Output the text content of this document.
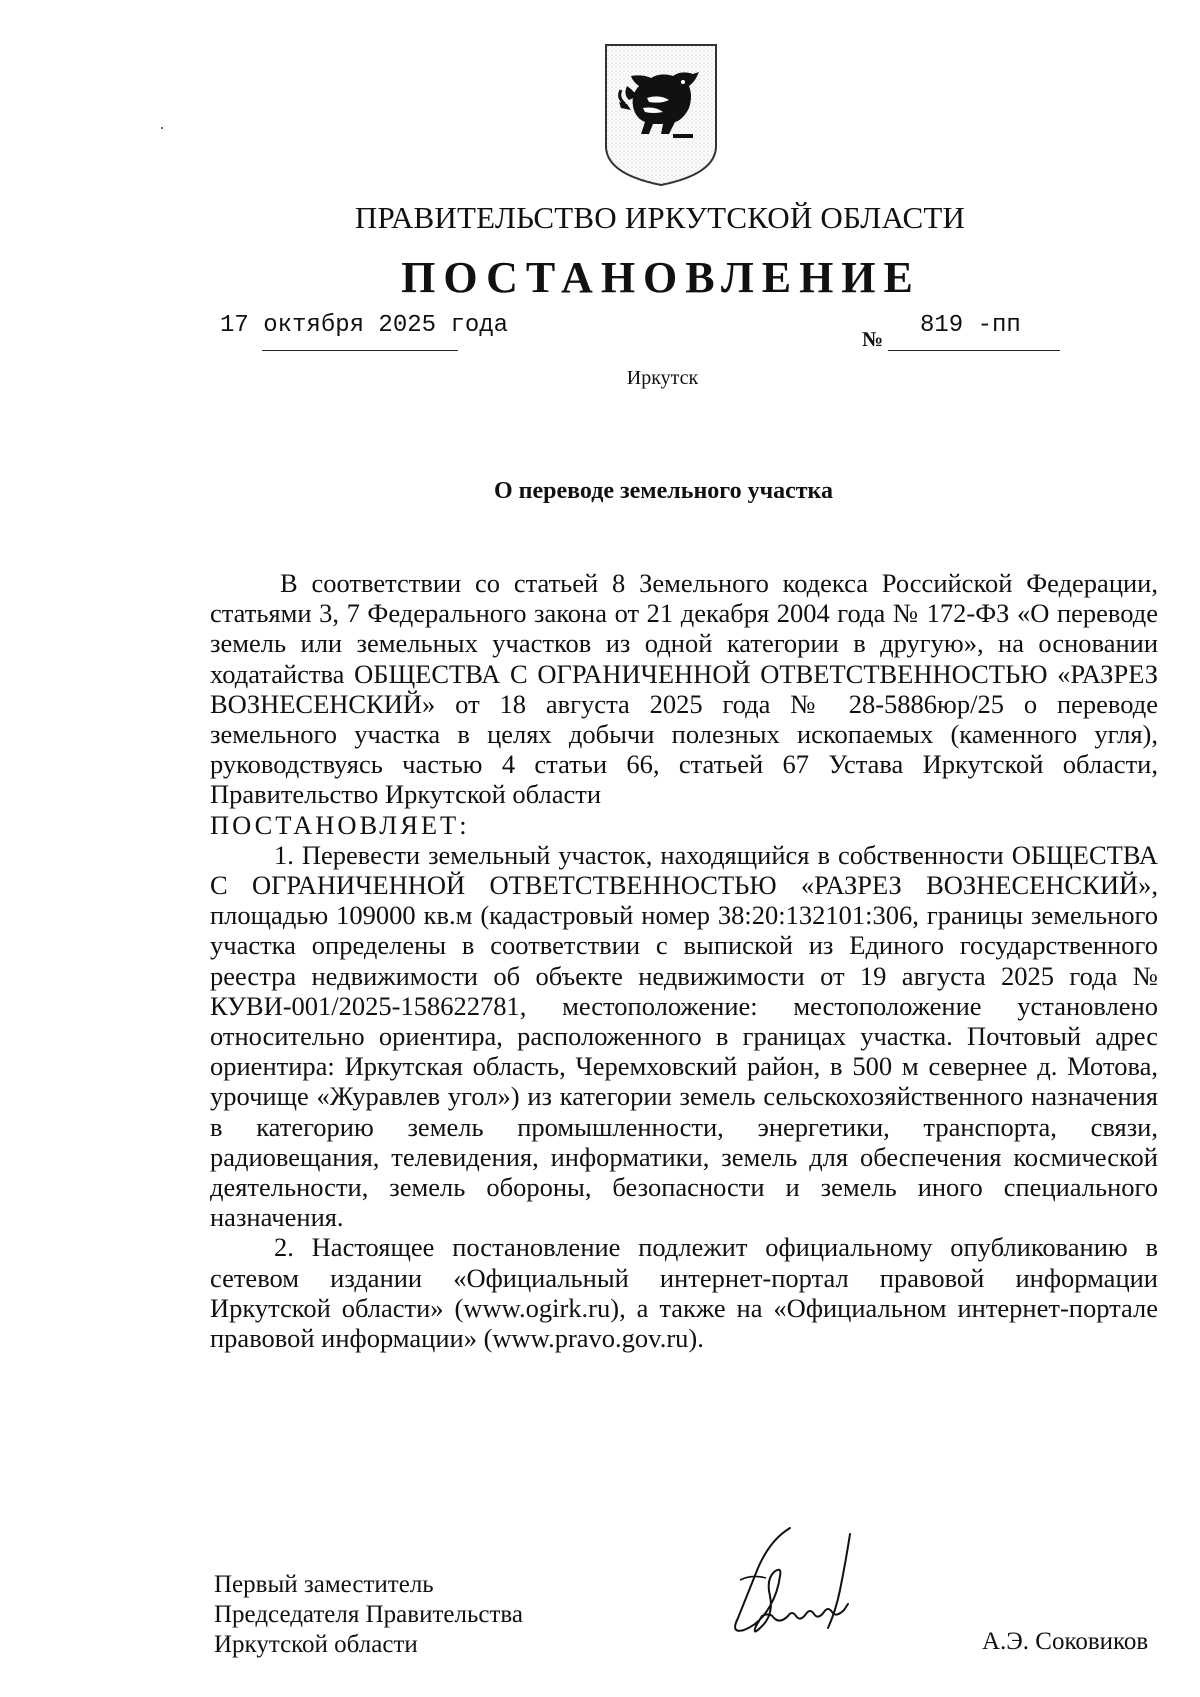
ПРАВИТЕЛЬСТВО ИРКУТСКОЙ ОБЛАСТИ
ПОСТАНОВЛЕНИЕ
17 октября 2025 года	№ 819 -пп
Иркутск
О переводе земельного участка

В соответствии со статьей 8 Земельного кодекса Российской Федерации, статьями 3, 7 Федерального закона от 21 декабря 2004 года № 172-ФЗ «О переводе земель или земельных участков из одной категории в другую», на основании ходатайства ОБЩЕСТВА С ОГРАНИЧЕННОЙ ОТВЕТСТВЕННОСТЬЮ «РАЗРЕЗ ВОЗНЕСЕНСКИЙ» от 18 августа 2025 года № 28-5886юр/25 о переводе земельного участка в целях добычи полезных ископаемых (каменного угля), руководствуясь частью 4 статьи 66, статьей 67 Устава Иркутской области, Правительство Иркутской области

ПОСТАНОВЛЯЕТ:

1. Перевести земельный участок, находящийся в собственности ОБЩЕСТВА С ОГРАНИЧЕННОЙ ОТВЕТСТВЕННОСТЬЮ «РАЗРЕЗ ВОЗНЕСЕНСКИЙ», площадью 109000 кв.м (кадастровый номер 38:20:132101:306, границы земельного участка определены в соответствии с выпиской из Единого государственного реестра недвижимости об объекте недвижимости от 19 августа 2025 года № КУВИ-001/2025-158622781, местоположение: местоположение установлено относительно ориентира, расположенного в границах участка. Почтовый адрес ориентира: Иркутская область, Черемховский район, в 500 м севернее д. Мотова, урочище «Журавлев угол») из категории земель сельскохозяйственного назначения в категорию земель промышленности, энергетики, транспорта, связи, радиовещания, телевидения, информатики, земель для обеспечения космической деятельности, земель обороны, безопасности и земель иного специального назначения.

2. Настоящее постановление подлежит официальному опубликованию в сетевом издании «Официальный интернет-портал правовой информации Иркутской области» (www.ogirk.ru), а также на «Официальном интернет-портале правовой информации» (www.pravo.gov.ru).

Первый заместитель
Председателя Правительства
Иркутской области	А.Э. Соковиков
